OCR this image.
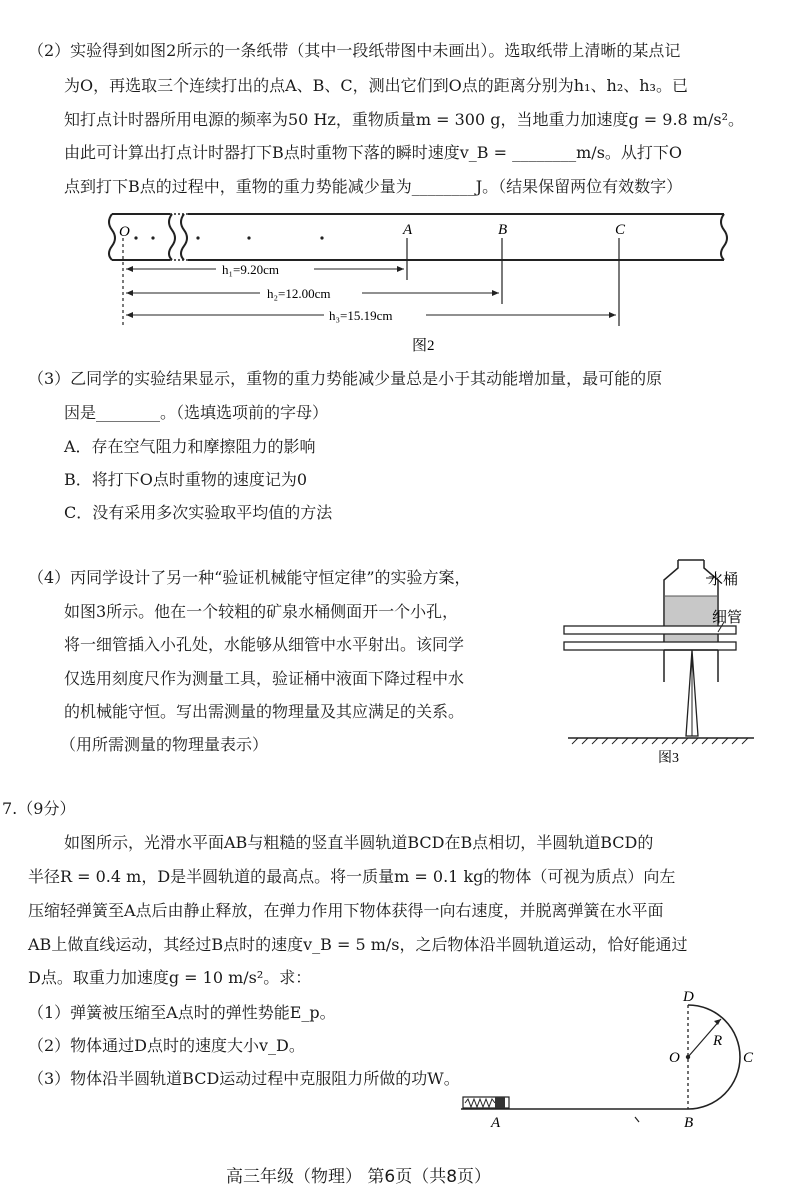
（2）实验得到如图2所示的一条纸带（其中一段纸带图中未画出）。选取纸带上清晰的某点记
为O，再选取三个连续打出的点A、B、C，测出它们到O点的距离分别为h₁、h₂、h₃。已
知打点计时器所用电源的频率为50 Hz，重物质量m = 300 g，当地重力加速度g = 9.8 m/s²。
由此可计算出打点计时器打下B点时重物下落的瞬时速度v_B = ________m/s。从打下O
点到打下B点的过程中，重物的重力势能减少量为________J。（结果保留两位有效数字）
O	A	B	C
h₁=9.20cm
h₂=12.00cm
h₃=15.19cm
图2
（3）乙同学的实验结果显示，重物的重力势能减少量总是小于其动能增加量，最可能的原
因是________。（选填选项前的字母）
A．存在空气阻力和摩擦阻力的影响
B．将打下O点时重物的速度记为0
C．没有采用多次实验取平均值的方法
（4）丙同学设计了另一种“验证机械能守恒定律”的实验方案，
如图3所示。他在一个较粗的矿泉水桶侧面开一个小孔，
将一细管插入小孔处，水能够从细管中水平射出。该同学
仅选用刻度尺作为测量工具，验证桶中液面下降过程中水
的机械能守恒。写出需测量的物理量及其应满足的关系。
（用所需测量的物理量表示）
水桶
细管
图3
7.（9分）
如图所示，光滑水平面AB与粗糙的竖直半圆轨道BCD在B点相切，半圆轨道BCD的
半径R = 0.4 m，D是半圆轨道的最高点。将一质量m = 0.1 kg的物体（可视为质点）向左
压缩轻弹簧至A点后由静止释放，在弹力作用下物体获得一向右速度，并脱离弹簧在水平面
AB上做直线运动，其经过B点时的速度v_B = 5 m/s，之后物体沿半圆轨道运动，恰好能通过
D点。取重力加速度g = 10 m/s²。求：
（1）弹簧被压缩至A点时的弹性势能E_p。
（2）物体通过D点时的速度大小v_D。
（3）物体沿半圆轨道BCD运动过程中克服阻力所做的功W。
D
O
R
C
A	B
高三年级（物理） 第6页（共8页）
